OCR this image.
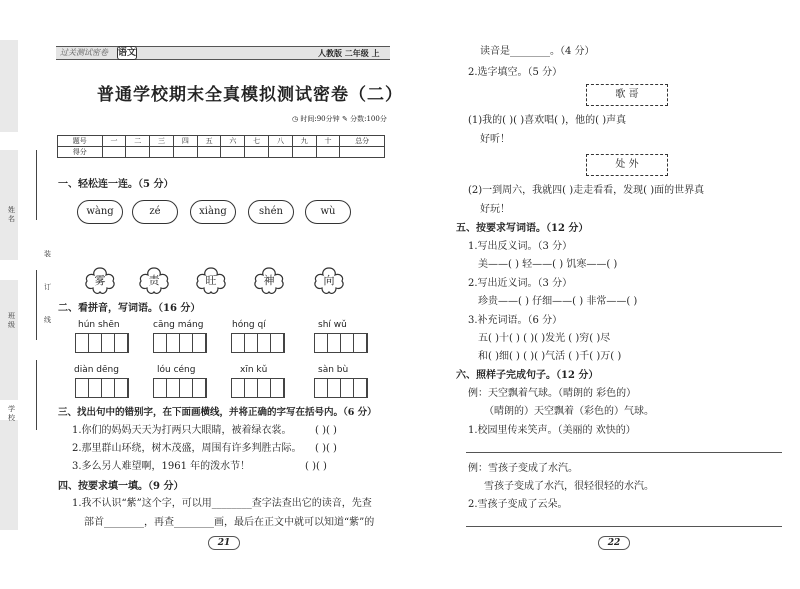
姓名
班级
学校
装
订
线
过关测试密卷 语文	人教版 二年级 上
普通学校期末全真模拟测试密卷（二）
◷ 时间:90分钟 ✎ 分数:100分
题号	一	二	三	四	五	六	七	八	九	十	总分
得分											
一、轻松连一连。（5 分）
wàng	zé	xiàng	shén	wù
雾	责	旺	神	向
二、看拼音，写词语。（16 分）
hún shēn	cāng máng	hóng qí	shí wǔ
diàn dēng	lóu céng	xīn kǔ	sàn bù
三、找出句中的错别字，在下面画横线，并将正确的字写在括号内。（6 分）
1.你们的妈妈天天为打两只大眼睛，被着绿衣裳。 ( )( )
2.那里群山环绕，树木茂盛，周围有许多判胜古际。 ( )( )
3.多么另人难望啊，1961 年的泼水节！	( )( )
四、按要求填一填。（9 分）
1.我不认识“紫”这个字，可以用________查字法查出它的读音，先查
部首________，再查________画，最后在正文中就可以知道“紫”的
21
读音是________。（4 分）
2.选字填空。（5 分）
歌 哥
(1)我的( )( )喜欢唱( )，他的( )声真
好听！
处 外
(2)一到周六，我就四( )走走看看，发现( )面的世界真
好玩！
五、按要求写词语。（12 分）
1.写出反义词。（3 分）
美——( ) 轻——( ) 饥寒——( )
2.写出近义词。（3 分）
珍贵——( ) 仔细——( ) 非常——( )
3.补充词语。（6 分）
五( )十( ) ( )( )发光 ( )穷( )尽
和( )细( ) ( )( )气活 ( )千( )万( )
六、照样子完成句子。（12 分）
例：天空飘着气球。（晴朗的 彩色的）
（晴朗的）天空飘着（彩色的）气球。
1.校园里传来笑声。（美丽的 欢快的）
例：雪孩子变成了水汽。
雪孩子变成了水汽，很轻很轻的水汽。
2.雪孩子变成了云朵。
22
